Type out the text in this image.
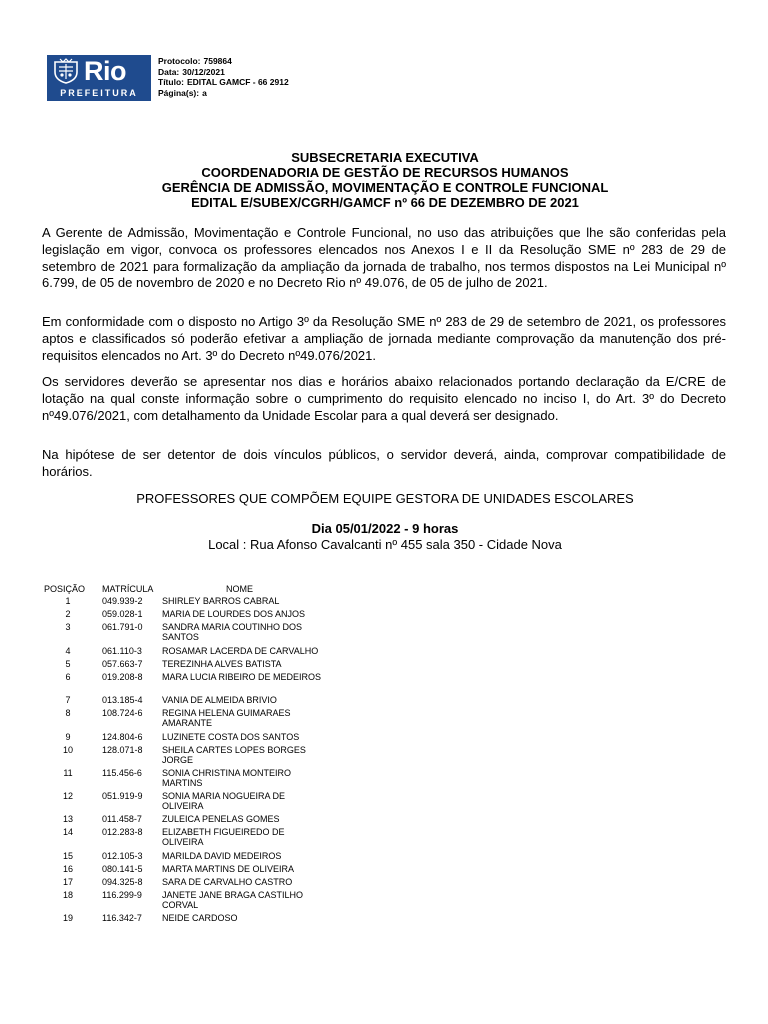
Rio
PREFEITURA
Protocolo: 759864
Data: 30/12/2021
Título: EDITAL GAMCF - 66 2912
Página(s): a
SUBSECRETARIA EXECUTIVA
COORDENADORIA DE GESTÃO DE RECURSOS HUMANOS
GERÊNCIA DE ADMISSÃO, MOVIMENTAÇÃO E CONTROLE FUNCIONAL
EDITAL E/SUBEX/CGRH/GAMCF nº 66 DE DEZEMBRO DE 2021

A Gerente de Admissão, Movimentação e Controle Funcional, no uso das atribuições que lhe são conferidas pela legislação em vigor, convoca os professores elencados nos Anexos I e II da Resolução SME nº 283 de 29 de setembro de 2021 para formalização da ampliação da jornada de trabalho, nos termos dispostos na Lei Municipal nº 6.799, de 05 de novembro de 2020 e no Decreto Rio nº 49.076, de 05 de julho de 2021.

Em conformidade com o disposto no Artigo 3º da Resolução SME nº 283 de 29 de setembro de 2021, os professores aptos e classificados só poderão efetivar a ampliação de jornada mediante comprovação da manutenção dos pré-requisitos elencados no Art. 3º do Decreto nº49.076/2021.

Os servidores deverão se apresentar nos dias e horários abaixo relacionados portando declaração da E/CRE de lotação na qual conste informação sobre o cumprimento do requisito elencado no inciso I, do Art. 3º do Decreto nº49.076/2021, com detalhamento da Unidade Escolar para a qual deverá ser designado.

Na hipótese de ser detentor de dois vínculos públicos, o servidor deverá, ainda, comprovar compatibilidade de horários.

PROFESSORES QUE COMPÕEM EQUIPE GESTORA DE UNIDADES ESCOLARES
Dia 05/01/2022 - 9 horas
Local : Rua Afonso Cavalcanti nº 455 sala 350 - Cidade Nova
POSIÇÃO MATRÍCULA	NOME
1	049.939-2	SHIRLEY BARROS CABRAL
2	059.028-1	MARIA DE LOURDES DOS ANJOS
3	061.791-0	SANDRA MARIA COUTINHO DOS SANTOS
4	061.110-3	ROSAMAR LACERDA DE CARVALHO
5	057.663-7	TEREZINHA ALVES BATISTA
6	019.208-8	MARA LUCIA RIBEIRO DE MEDEIROS
7	013.185-4	VANIA DE ALMEIDA BRIVIO
8	108.724-6	REGINA HELENA GUIMARAES AMARANTE
9	124.804-6	LUZINETE COSTA DOS SANTOS
10	128.071-8	SHEILA CARTES LOPES BORGES JORGE
11	115.456-6	SONIA CHRISTINA MONTEIRO MARTINS
12	051.919-9	SONIA MARIA NOGUEIRA DE OLIVEIRA
13	011.458-7	ZULEICA PENELAS GOMES
14	012.283-8	ELIZABETH FIGUEIREDO DE OLIVEIRA
15	012.105-3	MARILDA DAVID MEDEIROS
16	080.141-5	MARTA MARTINS DE OLIVEIRA
17	094.325-8	SARA DE CARVALHO CASTRO
18	116.299-9	JANETE JANE BRAGA CASTILHO CORVAL
19	116.342-7	NEIDE CARDOSO
